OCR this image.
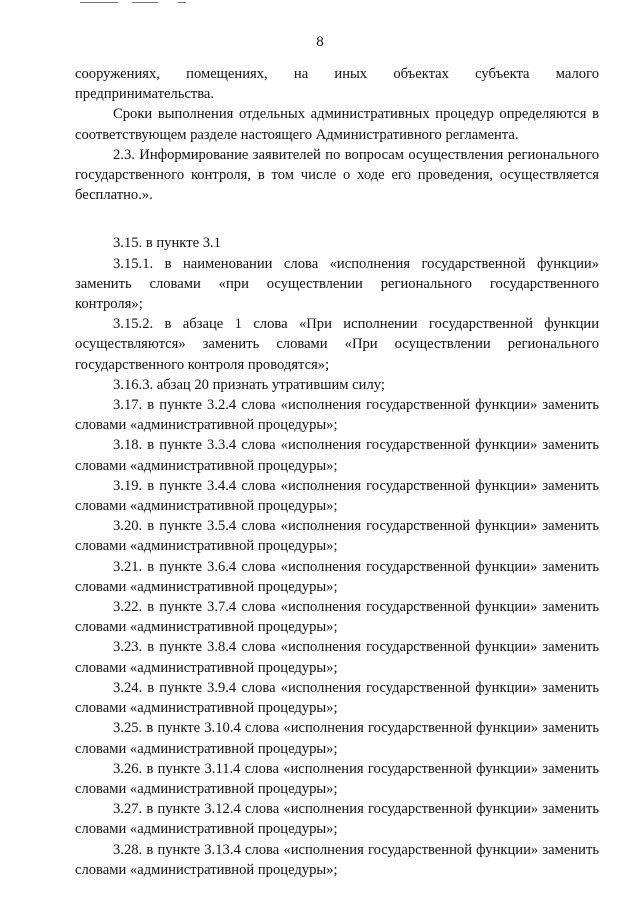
8

сооружениях, помещениях, на иных объектах субъекта малого предпринимательства.

Сроки выполнения отдельных административных процедур определяются в соответствующем разделе настоящего Административного регламента.

2.3. Информирование заявителей по вопросам осуществления регионального государственного контроля, в том числе о ходе его проведения, осуществляется бесплатно.».

3.15. в пункте 3.1

3.15.1. в наименовании слова «исполнения государственной функции» заменить словами «при осуществлении регионального государственного контроля»;

3.15.2. в абзаце 1 слова «При исполнении государственной функции осуществляются» заменить словами «При осуществлении регионального государственного контроля проводятся»;

3.16.3. абзац 20 признать утратившим силу;

3.17. в пункте 3.2.4 слова «исполнения государственной функции» заменить словами «административной процедуры»;

3.18. в пункте 3.3.4 слова «исполнения государственной функции» заменить словами «административной процедуры»;

3.19. в пункте 3.4.4 слова «исполнения государственной функции» заменить словами «административной процедуры»;

3.20. в пункте 3.5.4 слова «исполнения государственной функции» заменить словами «административной процедуры»;

3.21. в пункте 3.6.4 слова «исполнения государственной функции» заменить словами «административной процедуры»;

3.22. в пункте 3.7.4 слова «исполнения государственной функции» заменить словами «административной процедуры»;

3.23. в пункте 3.8.4 слова «исполнения государственной функции» заменить словами «административной процедуры»;

3.24. в пункте 3.9.4 слова «исполнения государственной функции» заменить словами «административной процедуры»;

3.25. в пункте 3.10.4 слова «исполнения государственной функции» заменить словами «административной процедуры»;

3.26. в пункте 3.11.4 слова «исполнения государственной функции» заменить словами «административной процедуры»;

3.27. в пункте 3.12.4 слова «исполнения государственной функции» заменить словами «административной процедуры»;

3.28. в пункте 3.13.4 слова «исполнения государственной функции» заменить словами «административной процедуры»;
